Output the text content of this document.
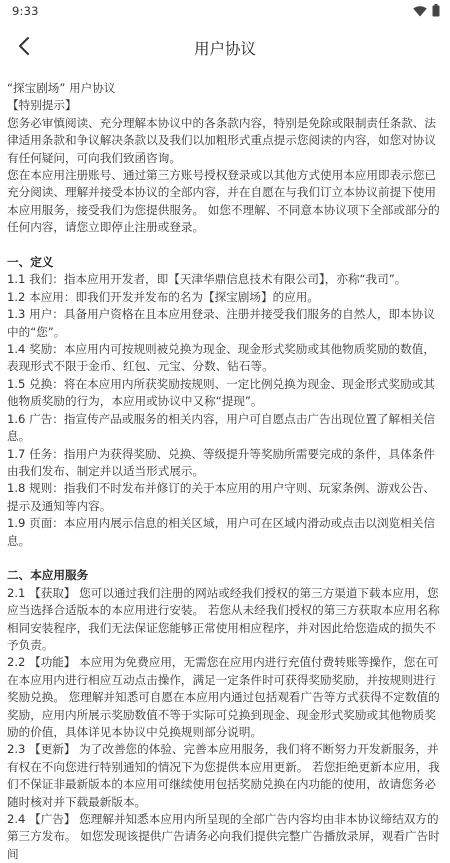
9:33
用户协议

“探宝剧场” 用户协议

【特别提示】

您务必审慎阅读、充分理解本协议中的各条款内容，特别是免除或限制责任条款、法律适用条款和争议解决条款以及我们以加粗形式重点提示您阅读的内容，如您对协议有任何疑问，可向我们致函咨询。

您在本应用注册账号、通过第三方账号授权登录或以其他方式使用本应用即表示您已充分阅读、理解并接受本协议的全部内容，并在自愿在与我们订立本协议前提下使用本应用服务，接受我们为您提供服务。 如您不理解、不同意本协议项下全部或部分的任何内容，请您立即停止注册或登录。

一、定义

1.1 我们：指本应用开发者，即【天津华鼎信息技术有限公司】，亦称“我司”。

1.2 本应用：即我们开发并发布的名为【探宝剧场】的应用。

1.3 用户：具备用户资格在且本应用登录、注册并接受我们服务的自然人，即本协议中的“您”。

1.4 奖励：本应用内可按规则被兑换为现金、现金形式奖励或其他物质奖励的数值，表现形式不限于金币、红包、元宝、分数、钻石等。

1.5 兑换：将在本应用内所获奖励按规则、一定比例兑换为现金、现金形式奖励或其他物质奖励的行为，本应用或协议中又称“提现”。

1.6 广告：指宣传产品或服务的相关内容，用户可自愿点击广告出现位置了解相关信息。

1.7 任务：指用户为获得奖励、兑换、等级提升等奖励所需要完成的条件，具体条件由我们发布、制定并以适当形式展示。

1.8 规则：指我们不时发布并修订的关于本应用的用户守则、玩家条例、游戏公告、提示及通知等内容。

1.9 页面：本应用内展示信息的相关区域，用户可在区域内滑动或点击以浏览相关信息。

二、本应用服务

2.1 【获取】 您可以通过我们注册的网站或经我们授权的第三方渠道下载本应用，您应当选择合适版本的本应用进行安装。 若您从未经我们授权的第三方获取本应用名称相同安装程序，我们无法保证您能够正常使用相应程序，并对因此给您造成的损失不予负责。

2.2 【功能】 本应用为免费应用，无需您在应用内进行充值付费转账等操作，您在可在本应用内进行相应互动点击操作，满足一定条件时可获得奖励奖励，并按规则进行奖励兑换。 您理解并知悉可自愿在本应用内通过包括观看广告等方式获得不定数值的奖励，应用内所展示奖励数值不等于实际可兑换到现金、现金形式奖励或其他物质奖励的价值，具体详见本协议中兑换规则部分说明。

2.3 【更新】 为了改善您的体验、完善本应用服务，我们将不断努力开发新服务，并有权在不向您进行特别通知的情况下为您提供本应用更新。 若您拒绝更新本应用，我们不保证非最新版本的本应用可继续使用包括奖励兑换在内功能的使用，故请您务必随时核对并下载最新版本。

2.4 【广告】 您理解并知悉本应用内所呈现的全部广告内容均由非本协议缔结双方的第三方发布。 如您发现该提供广告请务必向我们提供完整广告播放录屏，观看广告时间
